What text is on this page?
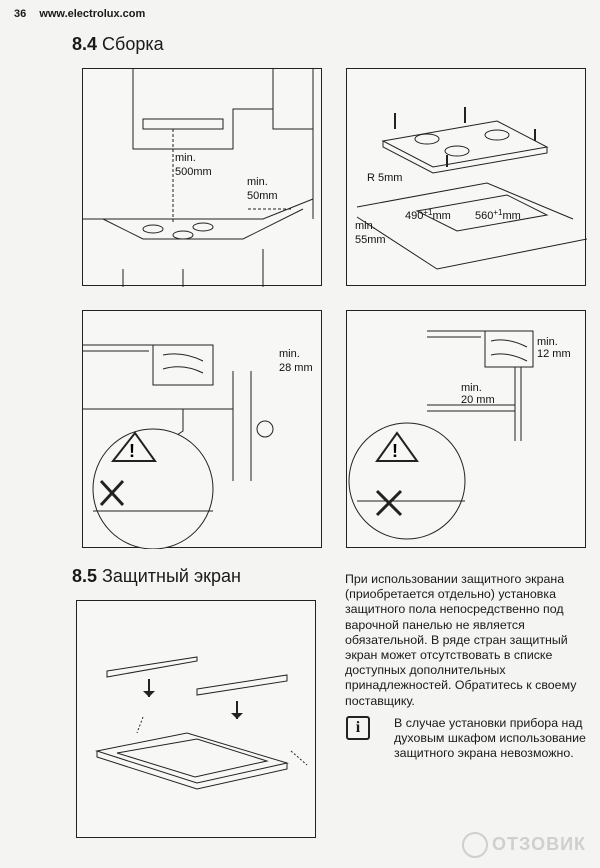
36 www.electrolux.com
8.4 Сборка
min.
500mm
min.
50mm
R 5mm
$490^{+1}mm$ $560^{+1}mm$
min.
55mm
!
min.
28 mm
!
min.
12 mm
min.
20 mm
8.5 Защитный экран	При использовании защитного экрана (приобретается отдельно) установка защитного пола непосредственно под варочной панелью не является обязательной. В ряде стран защитный экран может отсутствовать в списке доступных дополнительных принадлежностей. Обратитесь к своему поставщику.
i	В случае установки прибора над духовым шкафом использование защитного экрана невозможно.
ОТЗОВИК
